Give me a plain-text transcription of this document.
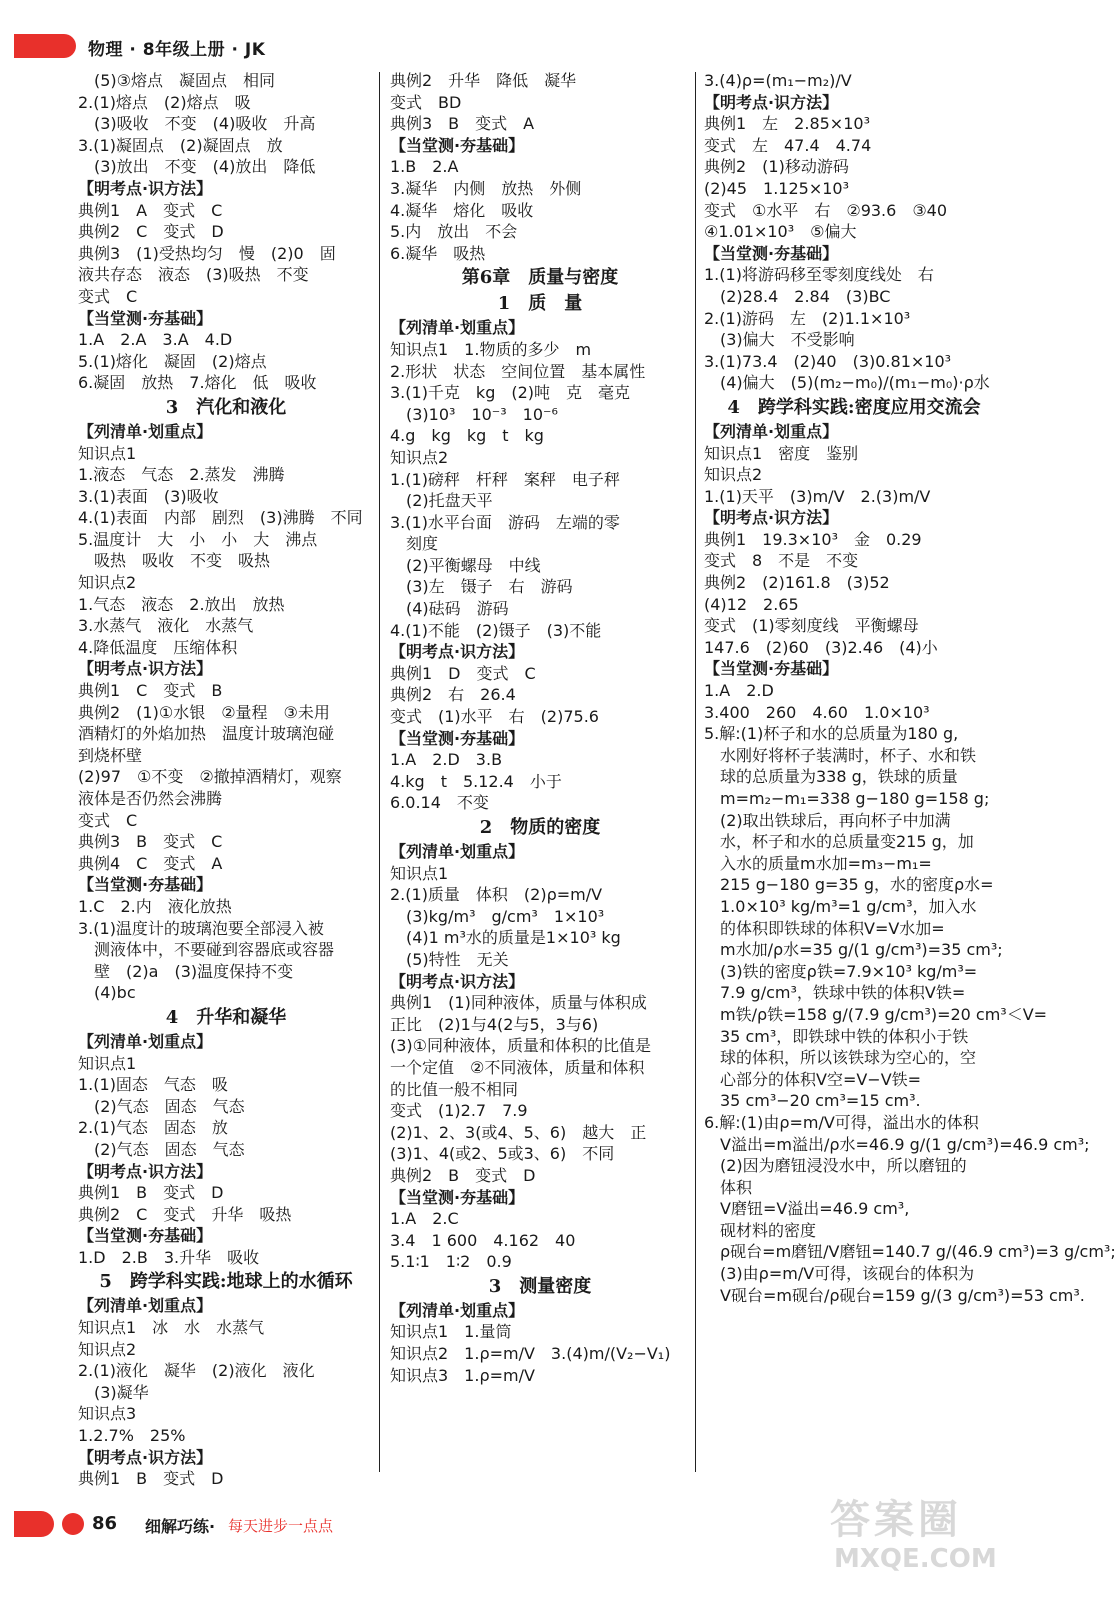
物理 · 8年级上册 · JK
(5)③熔点　凝固点　相同
2.(1)熔点　(2)熔点　吸
(3)吸收　不变　(4)吸收　升高
3.(1)凝固点　(2)凝固点　放
(3)放出　不变　(4)放出　降低
【明考点·识方法】
典例1　A　变式　C
典例2　C　变式　D
典例3　(1)受热均匀　慢　(2)0　固
液共存态　液态　(3)吸热　不变
变式　C
【当堂测·夯基础】
1.A　2.A　3.A　4.D
5.(1)熔化　凝固　(2)熔点
6.凝固　放热　7.熔化　低　吸收
3　汽化和液化
【列清单·划重点】
知识点1
1.液态　气态　2.蒸发　沸腾
3.(1)表面　(3)吸收
4.(1)表面　内部　剧烈　(3)沸腾　不同
5.温度计　大　小　小　大　沸点
吸热　吸收　不变　吸热
知识点2
1.气态　液态　2.放出　放热
3.水蒸气　液化　水蒸气
4.降低温度　压缩体积
【明考点·识方法】
典例1　C　变式　B
典例2　(1)①水银　②量程　③未用
酒精灯的外焰加热　温度计玻璃泡碰
到烧杯壁
(2)97　①不变　②撤掉酒精灯，观察
液体是否仍然会沸腾
变式　C
典例3　B　变式　C
典例4　C　变式　A
【当堂测·夯基础】
1.C　2.内　液化放热
3.(1)温度计的玻璃泡要全部浸入被
测液体中，不要碰到容器底或容器
壁　(2)a　(3)温度保持不变
(4)bc
4　升华和凝华
【列清单·划重点】
知识点1
1.(1)固态　气态　吸
(2)气态　固态　气态
2.(1)气态　固态　放
(2)气态　固态　气态
【明考点·识方法】
典例1　B　变式　D
典例2　C　变式　升华　吸热
【当堂测·夯基础】
1.D　2.B　3.升华　吸收
5　跨学科实践:地球上的水循环
【列清单·划重点】
知识点1　冰　水　水蒸气
知识点2
2.(1)液化　凝华　(2)液化　液化
(3)凝华
知识点3
1.2.7%　25%
【明考点·识方法】
典例1　B　变式　D
典例2　升华　降低　凝华
变式　BD
典例3　B　变式　A
【当堂测·夯基础】
1.B　2.A
3.凝华　内侧　放热　外侧
4.凝华　熔化　吸收
5.内　放出　不会
6.凝华　吸热
第6章　质量与密度
1　质　量
【列清单·划重点】
知识点1　1.物质的多少　m
2.形状　状态　空间位置　基本属性
3.(1)千克　kg　(2)吨　克　毫克
(3)10³　10⁻³　10⁻⁶
4.g　kg　kg　t　kg
知识点2
1.(1)磅秤　杆秤　案秤　电子秤
(2)托盘天平
3.(1)水平台面　游码　左端的零
刻度
(2)平衡螺母　中线
(3)左　镊子　右　游码
(4)砝码　游码
4.(1)不能　(2)镊子　(3)不能
【明考点·识方法】
典例1　D　变式　C
典例2　右　26.4
变式　(1)水平　右　(2)75.6
【当堂测·夯基础】
1.A　2.D　3.B
4.kg　t　5.12.4　小于
6.0.14　不变
2　物质的密度
【列清单·划重点】
知识点1
2.(1)质量　体积　(2)ρ=m/V
(3)kg/m³　g/cm³　1×10³
(4)1 m³水的质量是1×10³ kg
(5)特性　无关
【明考点·识方法】
典例1　(1)同种液体，质量与体积成
正比　(2)1与4(2与5，3与6)
(3)①同种液体，质量和体积的比值是
一个定值　②不同液体，质量和体积
的比值一般不相同
变式　(1)2.7　7.9
(2)1、2、3(或4、5、6)　越大　正
(3)1、4(或2、5或3、6)　不同
典例2　B　变式　D
【当堂测·夯基础】
1.A　2.C
3.4　1 600　4.162　40
5.1∶1　1∶2　0.9
3　测量密度
【列清单·划重点】
知识点1　1.量筒
知识点2　1.ρ=m/V　3.(4)m/(V₂−V₁)
知识点3　1.ρ=m/V
3.(4)ρ=(m₁−m₂)/V
【明考点·识方法】
典例1　左　2.85×10³
变式　左　47.4　4.74
典例2　(1)移动游码
(2)45　1.125×10³
变式　①水平　右　②93.6　③40
④1.01×10³　⑤偏大
【当堂测·夯基础】
1.(1)将游码移至零刻度线处　右
(2)28.4　2.84　(3)BC
2.(1)游码　左　(2)1.1×10³
(3)偏大　不受影响
3.(1)73.4　(2)40　(3)0.81×10³
(4)偏大　(5)(m₂−m₀)/(m₁−m₀)·ρ水
4　跨学科实践:密度应用交流会
【列清单·划重点】
知识点1　密度　鉴别
知识点2
1.(1)天平　(3)m/V　2.(3)m/V
【明考点·识方法】
典例1　19.3×10³　金　0.29
变式　8　不是　不变
典例2　(2)161.8　(3)52
(4)12　2.65
变式　(1)零刻度线　平衡螺母
147.6　(2)60　(3)2.46　(4)小
【当堂测·夯基础】
1.A　2.D
3.400　260　4.60　1.0×10³
5.解:(1)杯子和水的总质量为180 g,
水刚好将杯子装满时，杯子、水和铁
球的总质量为338 g，铁球的质量
m=m₂−m₁=338 g−180 g=158 g;
(2)取出铁球后，再向杯子中加满
水，杯子和水的总质量变215 g，加
入水的质量m水加=m₃−m₁=
215 g−180 g=35 g，水的密度ρ水=
1.0×10³ kg/m³=1 g/cm³，加入水
的体积即铁球的体积V=V水加=
m水加/ρ水=35 g/(1 g/cm³)=35 cm³;
(3)铁的密度ρ铁=7.9×10³ kg/m³=
7.9 g/cm³，铁球中铁的体积V铁=
m铁/ρ铁=158 g/(7.9 g/cm³)=20 cm³＜V=
35 cm³，即铁球中铁的体积小于铁
球的体积，所以该铁球为空心的，空
心部分的体积V空=V−V铁=
35 cm³−20 cm³=15 cm³.
6.解:(1)由ρ=m/V可得，溢出水的体积
V溢出=m溢出/ρ水=46.9 g/(1 g/cm³)=46.9 cm³;
(2)因为磨钮浸没水中，所以磨钮的
体积
V磨钮=V溢出=46.9 cm³,
砚材料的密度
ρ砚台=m磨钮/V磨钮=140.7 g/(46.9 cm³)=3 g/cm³;
(3)由ρ=m/V可得，该砚台的体积为
V砚台=m砚台/ρ砚台=159 g/(3 g/cm³)=53 cm³.
86 细解巧练· 每天进步一点点	答案圈
MXQE.COM
